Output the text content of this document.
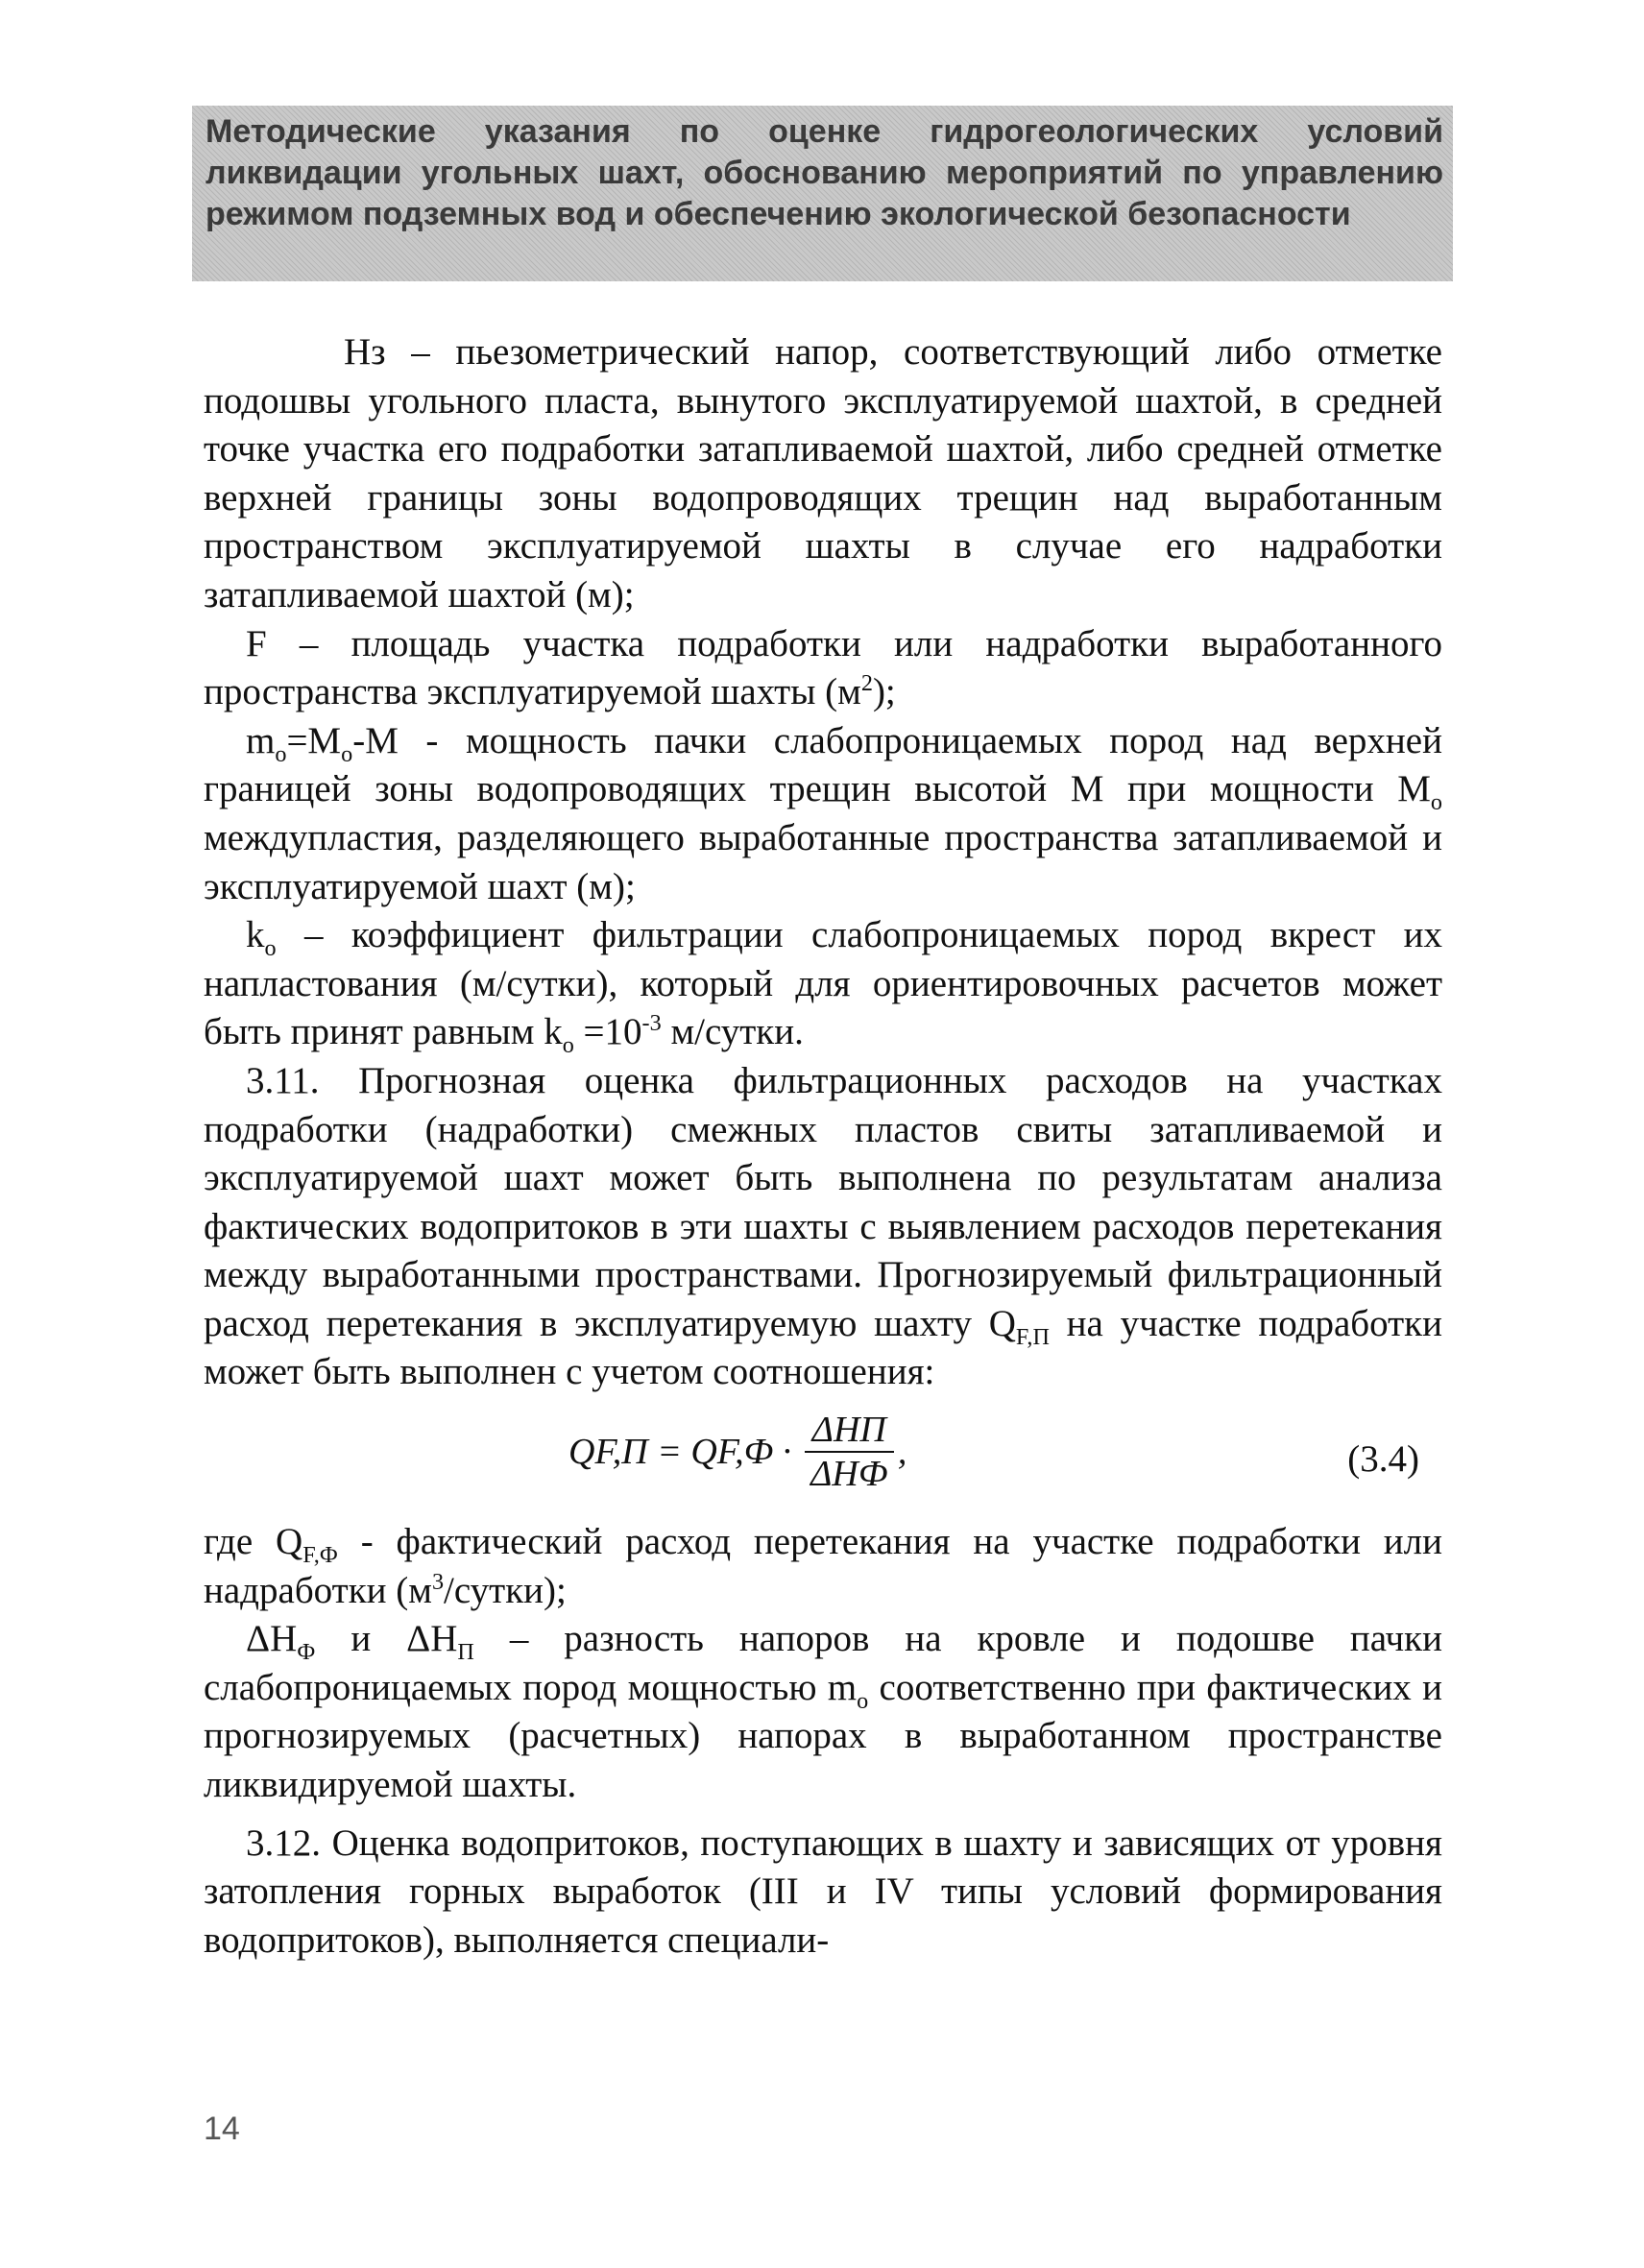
Методические указания по оценке гидрогеологических условий ликвидации угольных шахт, обоснованию мероприятий по управлению режимом подземных вод и обеспечению экологической безопасности

Нз – пьезометрический напор, соответствующий либо отметке подошвы угольного пласта, вынутого эксплуатируемой шахтой, в средней точке участка его подработки затапливаемой шахтой, либо средней отметке верхней границы зоны водопроводящих трещин над выработанным пространством эксплуатируемой шахты в случае его надработки затапливаемой шахтой (м);

F – площадь участка подработки или надработки выработанного пространства эксплуатируемой шахты $(м^2)$;

$m_o=M_o-M$ - мощность пачки слабопроницаемых пород над верхней границей зоны водопроводящих трещин высотой M при мощности $M_o$ междупластия, разделяющего выработанные пространства затапливаемой и эксплуатируемой шахт (м);

$k_o$ – коэффициент фильтрации слабопроницаемых пород вкрест их напластования (м/сутки), который для ориентировочных расчетов может быть принят равным $k_o =10^{-3}$ м/сутки.

3.11. Прогнозная оценка фильтрационных расходов на участках подработки (надработки) смежных пластов свиты затапливаемой и эксплуатируемой шахт может быть выполнена по результатам анализа фактических водопритоков в эти шахты с выявлением расходов перетекания между выработанными пространствами. Прогнозируемый фильтрационный расход перетекания в эксплуатируемую шахту $Q_{F,П}$ на участке подработки может быть выполнен с учетом соотношения:

$QF,П = QF,Ф \cdot \frac{\text{ΔHП}}{\text{ΔHФ}}$ ,	(3.4)

где $Q_{F,Ф}$ - фактический расход перетекания на участке подработки или надработки $(м^3/сутки)$;

$\Delta Н_Ф$ и $\Delta Н_П$ – разность напоров на кровле и подошве пачки слабопроницаемых пород мощностью $m_o$ соответственно при фактических и прогнозируемых (расчетных) напорах в выработанном пространстве ликвидируемой шахты.

3.12. Оценка водопритоков, поступающих в шахту и зависящих от уровня затопления горных выработок (III и IV типы условий формирования водопритоков), выполняется специали-

14
